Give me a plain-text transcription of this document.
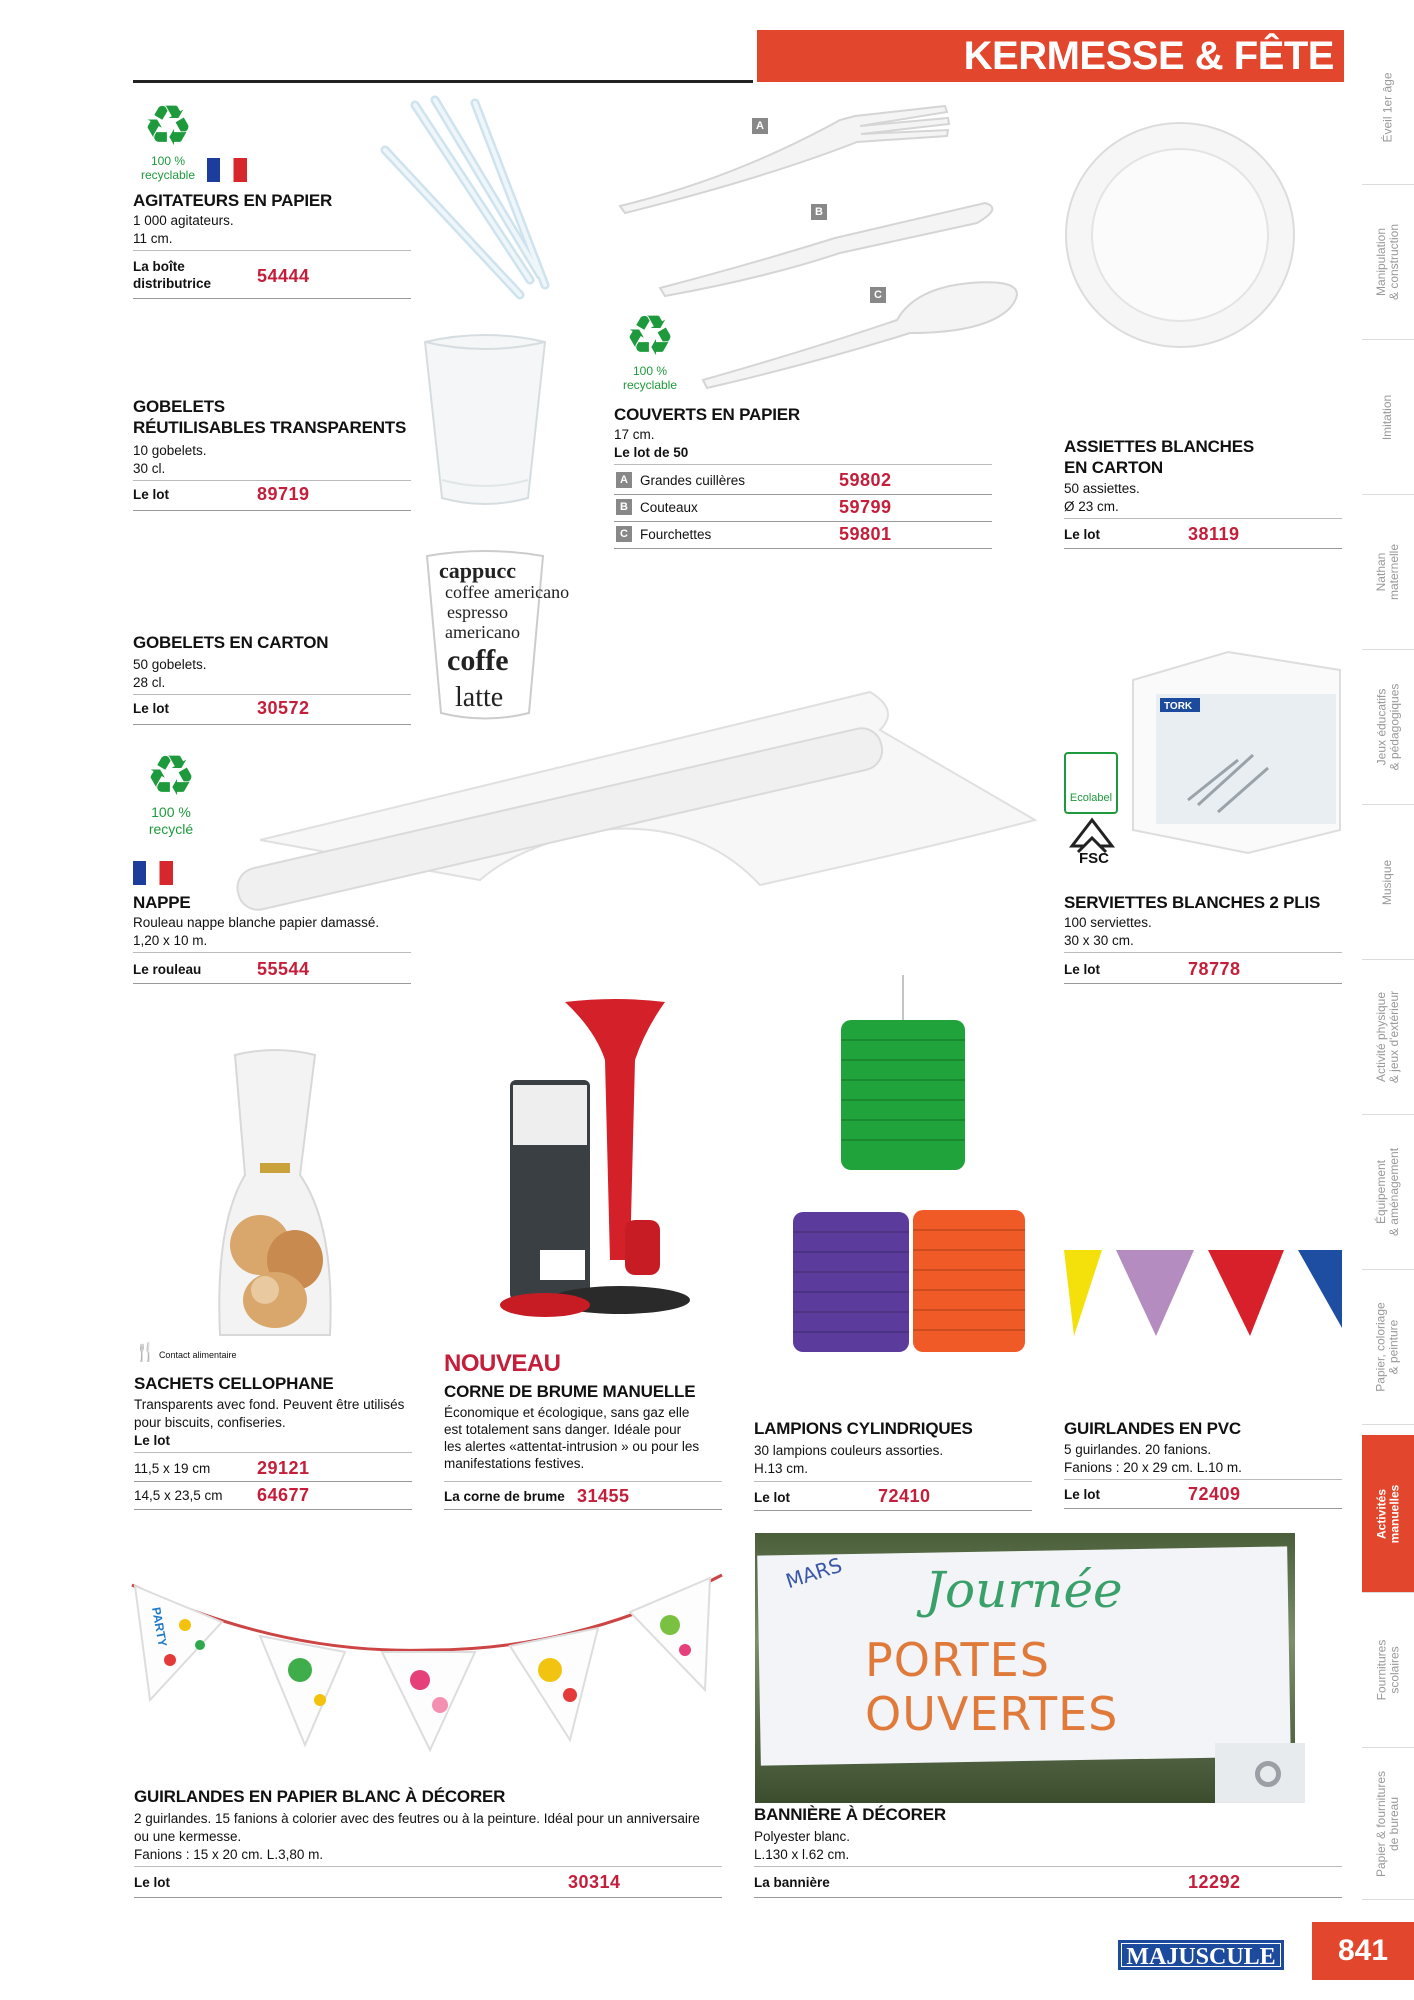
KERMESSE & FÊTE
Éveil 1er âge
Manipulation
& construction
Imitation
Nathan
maternelle
Jeux éducatifs
& pédagogiques
Musique
Activité physique
& jeux d'extérieur
Équipement
& aménagement
Papier, coloriage
& peinture
Activités
manuelles
Fournitures
scolaires
Papier & fournitures
de bureau
♻
100 %
recyclable
AGITATEURS EN PAPIER
1 000 agitateurs.
11 cm.
La boîte
distributrice	54444
GOBELETS
RÉUTILISABLES TRANSPARENTS
10 gobelets.
30 cl.
Le lot	89719
cappucc
coffee americano
espresso
americano
coffe
latte
GOBELETS EN CARTON
50 gobelets.
28 cl.
Le lot	30572
A
B
C
♻
100 %
recyclable
COUVERTS EN PAPIER
17 cm.
Le lot de 50
A Grandes cuillères	59802
B Couteaux	59799
C Fourchettes	59801
ASSIETTES BLANCHES
EN CARTON
50 assiettes.
Ø 23 cm.
Le lot	38119
♻
100 %
recyclé
NAPPE
Rouleau nappe blanche papier damassé.
1,20 x 10 m.
Le rouleau	55544
TORK
Ecolabel
FSC
SERVIETTES BLANCHES 2 PLIS
100 serviettes.
30 x 30 cm.
Le lot	78778
🍴 Contact alimentaire
SACHETS CELLOPHANE
Transparents avec fond. Peuvent être utilisés
pour biscuits, confiseries.
Le lot
11,5 x 19 cm	29121
14,5 x 23,5 cm 64677
NOUVEAU
CORNE DE BRUME MANUELLE
Économique et écologique, sans gaz elle
est totalement sans danger. Idéale pour
les alertes «attentat-intrusion » ou pour les
manifestations festives.
La corne de brume 31455
LAMPIONS CYLINDRIQUES
30 lampions couleurs assorties.
H.13 cm.
Le lot	72410
GUIRLANDES EN PVC
5 guirlandes. 20 fanions.
Fanions : 20 x 29 cm. L.10 m.
Le lot	72409
PARTY
GUIRLANDES EN PAPIER BLANC À DÉCORER
2 guirlandes. 15 fanions à colorier avec des feutres ou à la peinture. Idéal pour un anniversaire
ou une kermesse.
Fanions : 15 x 20 cm. L.3,80 m.
Le lot	30314
MARS Journée
PORTES OUVERTES
BANNIÈRE À DÉCORER
Polyester blanc.
L.130 x l.62 cm.
La bannière	12292
MAJUSCULE	841
